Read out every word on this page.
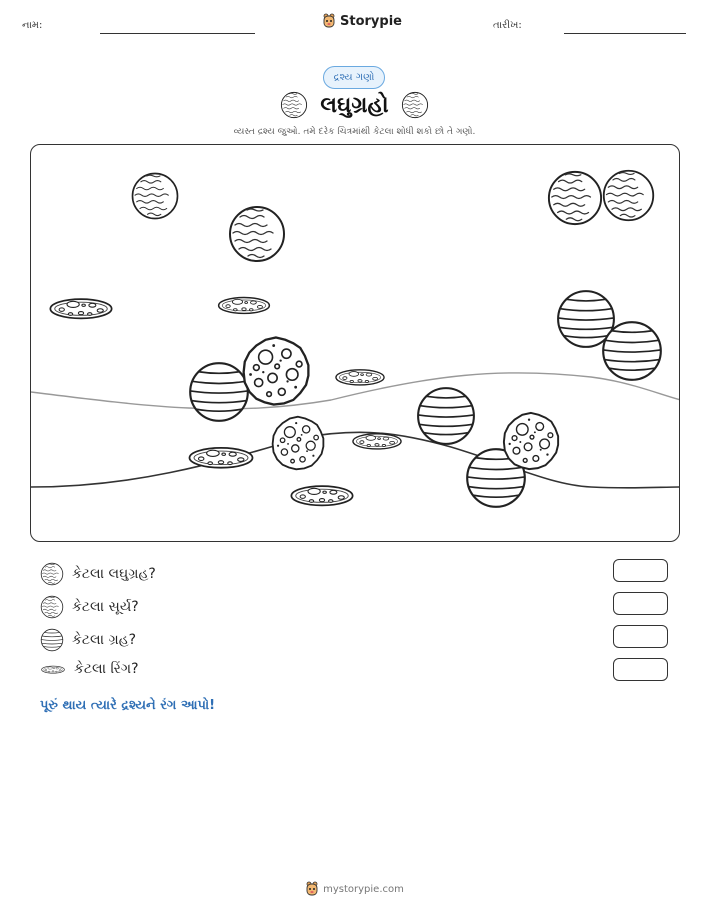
નામ:	Storypie	તારીખ:
દ્રશ્ય ગણો
લઘુગ્રહો
વ્યસ્ત દ્રશ્ય જુઓ. તમે દરેક ચિત્રમાંથી કેટલા શોધી શકો છો તે ગણો.
કેટલા લઘુગ્રહ?
કેટલા સૂર્ય?
કેટલા ગ્રહ?
કેટલા રિંગ?
પૂરું થાય ત્યારે દ્રશ્યને રંગ આપો!
mystorypie.com
